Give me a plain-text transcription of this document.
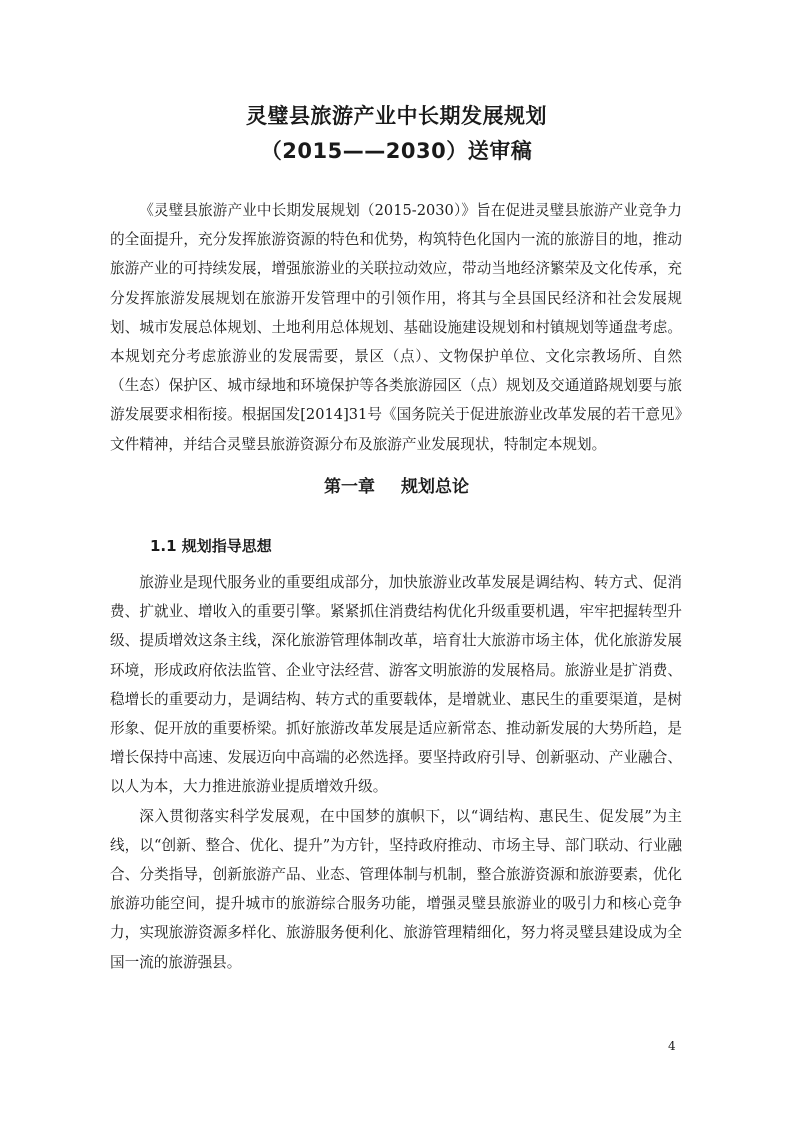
灵璧县旅游产业中长期发展规划
（2015——2030）送审稿

《灵璧县旅游产业中长期发展规划（2015-2030）》旨在促进灵璧县旅游产业竞争力的全面提升，充分发挥旅游资源的特色和优势，构筑特色化国内一流的旅游目的地，推动旅游产业的可持续发展，增强旅游业的关联拉动效应，带动当地经济繁荣及文化传承，充分发挥旅游发展规划在旅游开发管理中的引领作用，将其与全县国民经济和社会发展规划、城市发展总体规划、土地利用总体规划、基础设施建设规划和村镇规划等通盘考虑。本规划充分考虑旅游业的发展需要，景区（点）、文物保护单位、文化宗教场所、自然（生态）保护区、城市绿地和环境保护等各类旅游园区（点）规划及交通道路规划要与旅游发展要求相衔接。根据国发[2014]31号《国务院关于促进旅游业改革发展的若干意见》文件精神，并结合灵璧县旅游资源分布及旅游产业发展现状，特制定本规划。

第一章 规划总论
1.1 规划指导思想

旅游业是现代服务业的重要组成部分，加快旅游业改革发展是调结构、转方式、促消费、扩就业、增收入的重要引擎。紧紧抓住消费结构优化升级重要机遇，牢牢把握转型升级、提质增效这条主线，深化旅游管理体制改革，培育壮大旅游市场主体，优化旅游发展环境，形成政府依法监管、企业守法经营、游客文明旅游的发展格局。旅游业是扩消费、稳增长的重要动力，是调结构、转方式的重要载体，是增就业、惠民生的重要渠道，是树形象、促开放的重要桥梁。抓好旅游改革发展是适应新常态、推动新发展的大势所趋，是增长保持中高速、发展迈向中高端的必然选择。要坚持政府引导、创新驱动、产业融合、以人为本，大力推进旅游业提质增效升级。

深入贯彻落实科学发展观，在中国梦的旗帜下，以“调结构、惠民生、促发展”为主线，以“创新、整合、优化、提升”为方针，坚持政府推动、市场主导、部门联动、行业融合、分类指导，创新旅游产品、业态、管理体制与机制，整合旅游资源和旅游要素，优化旅游功能空间，提升城市的旅游综合服务功能，增强灵璧县旅游业的吸引力和核心竞争力，实现旅游资源多样化、旅游服务便利化、旅游管理精细化，努力将灵璧县建设成为全国一流的旅游强县。

4
